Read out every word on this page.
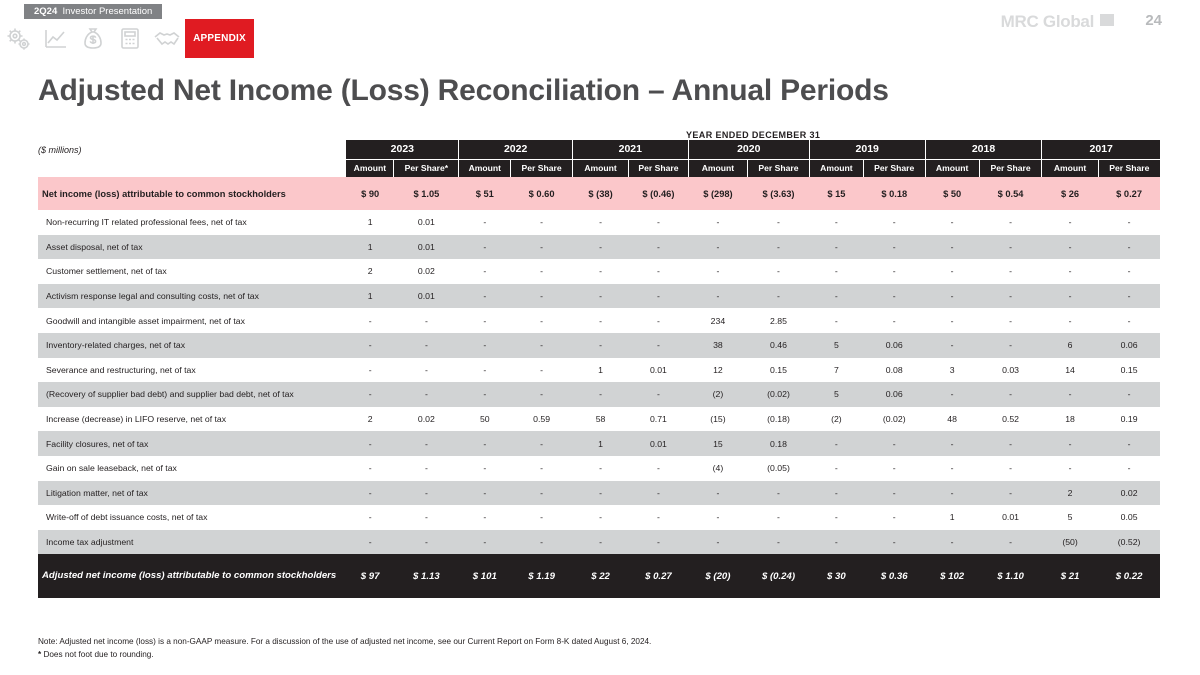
2Q24 Investor Presentation
APPENDIX
MRC Global	24
Adjusted Net Income (Loss) Reconciliation – Annual Periods
	YEAR ENDED DECEMBER 31													
($ millions)	2023		2022		2021		2020		2019		2018		2017	
	Amount	Per Share*	Amount	Per Share	Amount	Per Share	Amount	Per Share	Amount	Per Share	Amount	Per Share	Amount	Per Share
Net income (loss) attributable to common stockholders	$ 90	$ 1.05	$ 51	$ 0.60	$ (38)	$ (0.46)	$ (298)	$ (3.63)	$ 15	$ 0.18	$ 50	$ 0.54	$ 26	$ 0.27
Non-recurring IT related professional fees, net of tax	1	0.01	-	-	-	-	-	-	-	-	-	-	-	-
Asset disposal, net of tax	1	0.01	-	-	-	-	-	-	-	-	-	-	-	-
Customer settlement, net of tax	2	0.02	-	-	-	-	-	-	-	-	-	-	-	-
Activism response legal and consulting costs, net of tax	1	0.01	-	-	-	-	-	-	-	-	-	-	-	-
Goodwill and intangible asset impairment, net of tax	-	-	-	-	-	-	234	2.85	-	-	-	-	-	-
Inventory-related charges, net of tax	-	-	-	-	-	-	38	0.46	5	0.06	-	-	6	0.06
Severance and restructuring, net of tax	-	-	-	-	1	0.01	12	0.15	7	0.08	3	0.03	14	0.15
(Recovery of supplier bad debt) and supplier bad debt, net of tax	-	-	-	-	-	-	(2)	(0.02)	5	0.06	-	-	-	-
Increase (decrease) in LIFO reserve, net of tax	2	0.02	50	0.59	58	0.71	(15)	(0.18)	(2)	(0.02)	48	0.52	18	0.19
Facility closures, net of tax	-	-	-	-	1	0.01	15	0.18	-	-	-	-	-	-
Gain on sale leaseback, net of tax	-	-	-	-	-	-	(4)	(0.05)	-	-	-	-	-	-
Litigation matter, net of tax	-	-	-	-	-	-	-	-	-	-	-	-	2	0.02
Write-off of debt issuance costs, net of tax	-	-	-	-	-	-	-	-	-	-	1	0.01	5	0.05
Income tax adjustment	-	-	-	-	-	-	-	-	-	-	-	-	(50)	(0.52)
Adjusted net income (loss) attributable to common stockholders	$ 97	$ 1.13	$ 101	$ 1.19	$ 22	$ 0.27	$ (20)	$ (0.24)	$ 30	$ 0.36	$ 102	$ 1.10	$ 21	$ 0.22
Note: Adjusted net income (loss) is a non-GAAP measure. For a discussion of the use of adjusted net income, see our Current Report on Form 8-K dated August 6, 2024.
* Does not foot due to rounding.
